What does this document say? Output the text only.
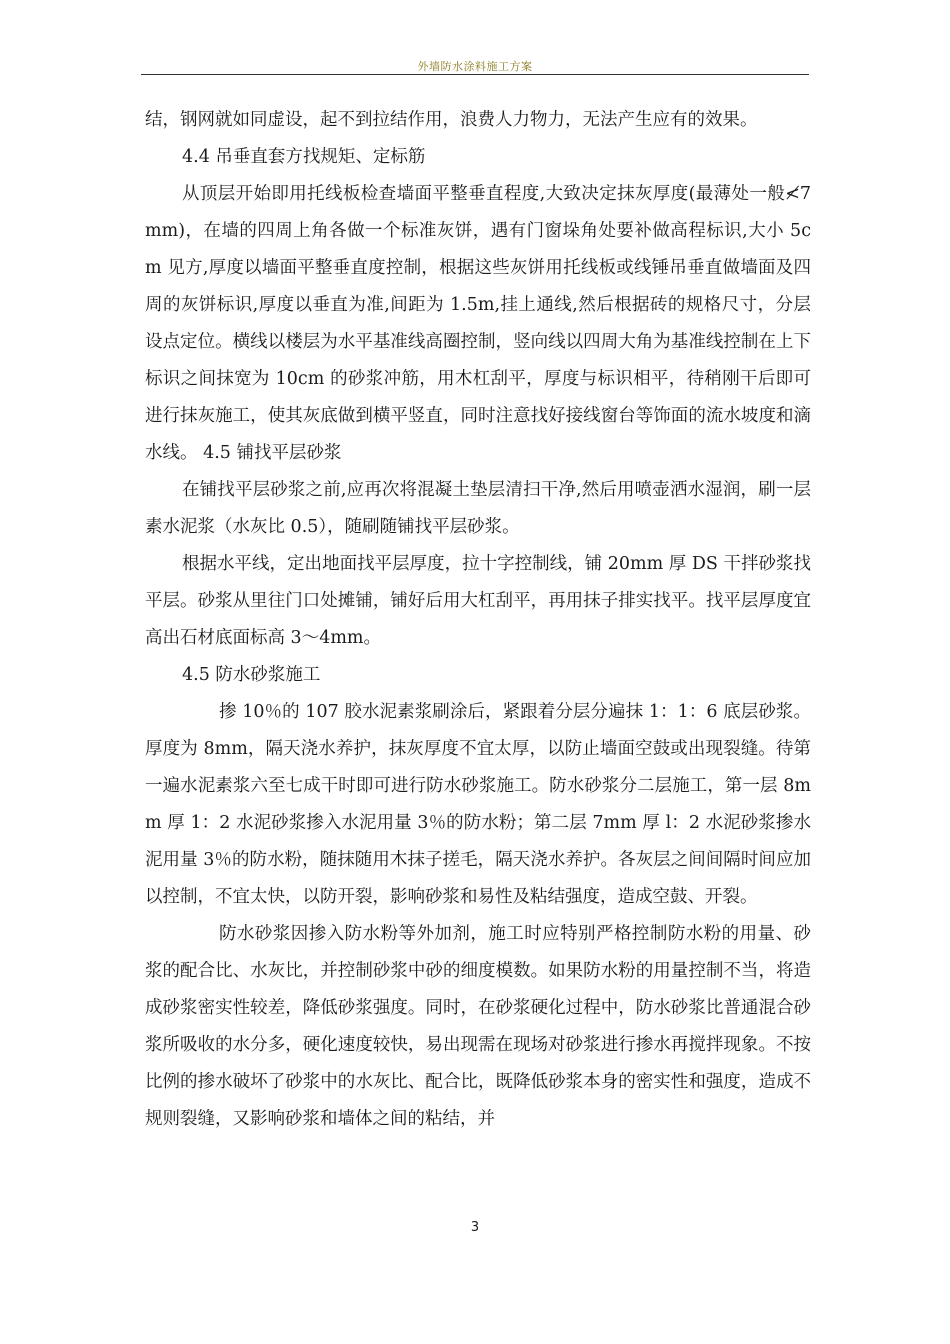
外墙防水涂料施工方案

结，钢网就如同虚设，起不到拉结作用，浪费人力物力，无法产生应有的效果。

4.4 吊垂直套方找规矩、定标筋

从顶层开始即用托线板检查墙面平整垂直程度,大致决定抹灰厚度(最薄处一般≮7mm)，在墙的四周上角各做一个标准灰饼，遇有门窗垛角处要补做高程标识,大小 5cm 见方,厚度以墙面平整垂直度控制，根据这些灰饼用托线板或线锤吊垂直做墙面及四周的灰饼标识,厚度以垂直为准,间距为 1.5m,挂上通线,然后根据砖的规格尺寸，分层设点定位。横线以楼层为水平基准线高圈控制，竖向线以四周大角为基准线控制在上下标识之间抹宽为 10cm 的砂浆冲筋，用木杠刮平，厚度与标识相平，待稍刚干后即可进行抹灰施工，使其灰底做到横平竖直，同时注意找好接线窗台等饰面的流水坡度和滴水线。 4.5 铺找平层砂浆

在铺找平层砂浆之前,应再次将混凝土垫层清扫干净,然后用喷壶洒水湿润，刷一层素水泥浆（水灰比 0.5），随刷随铺找平层砂浆。

根据水平线，定出地面找平层厚度，拉十字控制线，铺 20mm 厚 DS 干拌砂浆找平层。砂浆从里往门口处摊铺，铺好后用大杠刮平，再用抹子排实找平。找平层厚度宜高出石材底面标高 3～4mm。

4.5 防水砂浆施工

掺 10％的 107 胶水泥素浆刷涂后，紧跟着分层分遍抹 1：1：6 底层砂浆。厚度为 8mm，隔天浇水养护，抹灰厚度不宜太厚，以防止墙面空鼓或出现裂缝。待第一遍水泥素浆六至七成干时即可进行防水砂浆施工。防水砂浆分二层施工，第一层 8mm 厚 1：2 水泥砂浆掺入水泥用量 3％的防水粉；第二层 7mm 厚 l：2 水泥砂浆掺水泥用量 3％的防水粉，随抹随用木抹子搓毛，隔天浇水养护。各灰层之间间隔时间应加以控制，不宜太快，以防开裂，影响砂浆和易性及粘结强度，造成空鼓、开裂。

防水砂浆因掺入防水粉等外加剂，施工时应特别严格控制防水粉的用量、砂浆的配合比、水灰比，并控制砂浆中砂的细度模数。如果防水粉的用量控制不当，将造成砂浆密实性较差，降低砂浆强度。同时，在砂浆硬化过程中，防水砂浆比普通混合砂浆所吸收的水分多，硬化速度较快，易出现需在现场对砂浆进行掺水再搅拌现象。不按比例的掺水破坏了砂浆中的水灰比、配合比，既降低砂浆本身的密实性和强度，造成不规则裂缝，又影响砂浆和墙体之间的粘结，并

3
